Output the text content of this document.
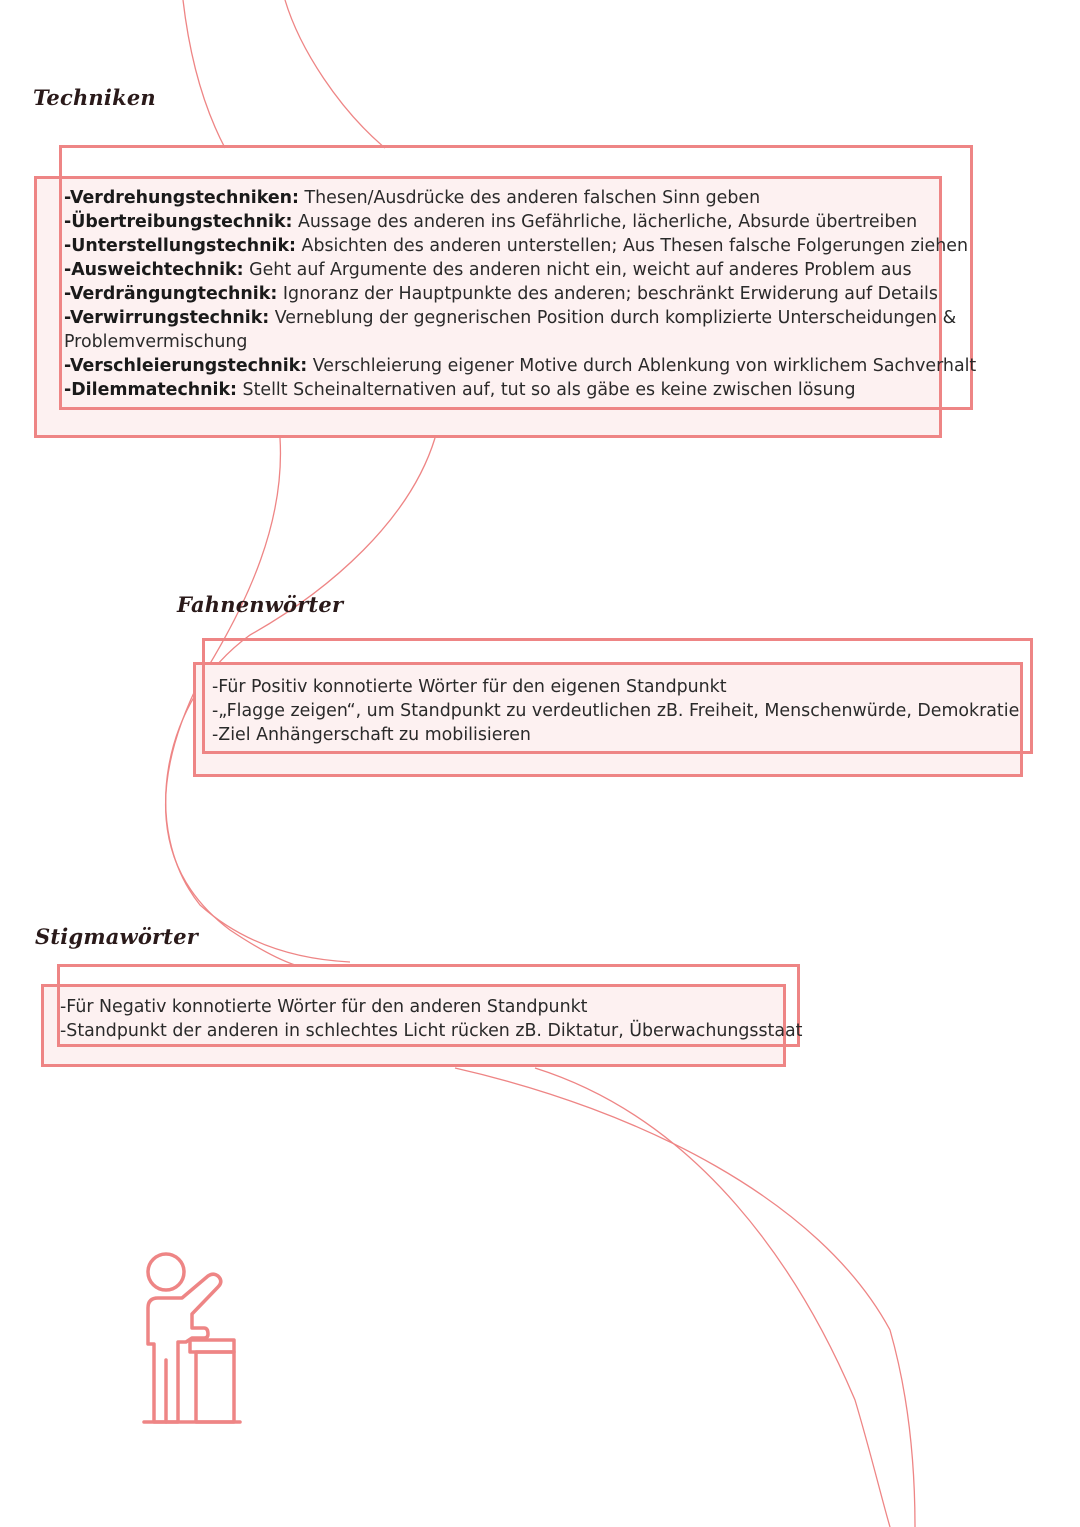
Techniken
-Verdrehungstechniken: Thesen/Ausdrücke des anderen falschen Sinn geben
-Übertreibungstechnik: Aussage des anderen ins Gefährliche, lächerliche, Absurde übertreiben
-Unterstellungstechnik: Absichten des anderen unterstellen; Aus Thesen falsche Folgerungen ziehen
-Ausweichtechnik: Geht auf Argumente des anderen nicht ein, weicht auf anderes Problem aus
-Verdrängungtechnik: Ignoranz der Hauptpunkte des anderen; beschränkt Erwiderung auf Details
-Verwirrungstechnik: Verneblung der gegnerischen Position durch komplizierte Unterscheidungen &
Problemvermischung
-Verschleierungstechnik: Verschleierung eigener Motive durch Ablenkung von wirklichem Sachverhalt
-Dilemmatechnik: Stellt Scheinalternativen auf, tut so als gäbe es keine zwischen lösung
Fahnenwörter
-Für Positiv konnotierte Wörter für den eigenen Standpunkt
-„Flagge zeigen“, um Standpunkt zu verdeutlichen zB. Freiheit, Menschenwürde, Demokratie
-Ziel Anhängerschaft zu mobilisieren
Stigmawörter
-Für Negativ konnotierte Wörter für den anderen Standpunkt
-Standpunkt der anderen in schlechtes Licht rücken zB. Diktatur, Überwachungsstaat
